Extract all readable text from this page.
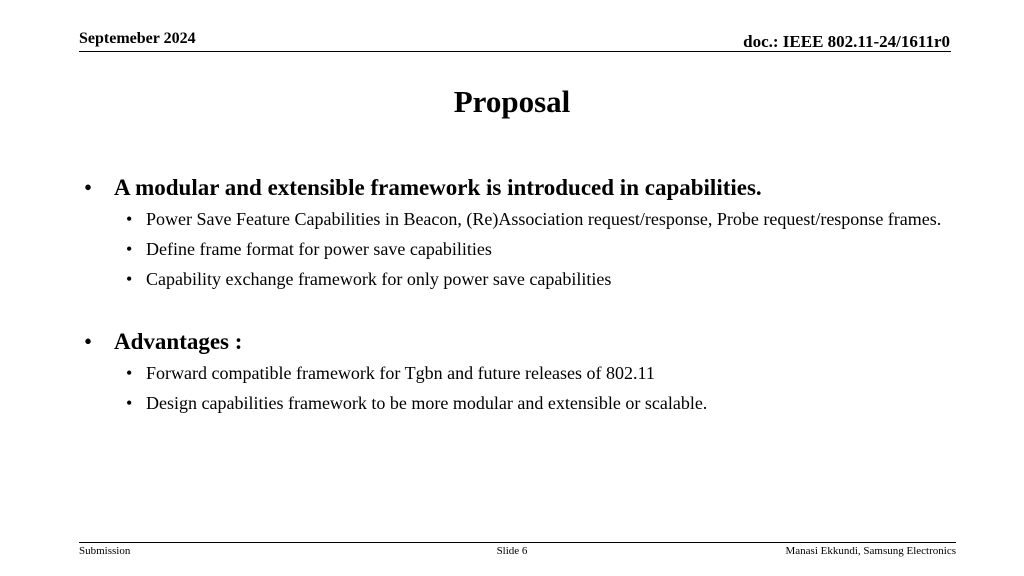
Septemeber 2024	doc.: IEEE 802.11-24/1611r0
Proposal
• A modular and extensible framework is introduced in capabilities.
• Power Save Feature Capabilities in Beacon, (Re)Association request/response, Probe request/response frames.
• Define frame format for power save capabilities
• Capability exchange framework for only power save capabilities
• Advantages :
• Forward compatible framework for Tgbn and future releases of 802.11
• Design capabilities framework to be more modular and extensible or scalable.
Submission	Slide 6	Manasi Ekkundi, Samsung Electronics
